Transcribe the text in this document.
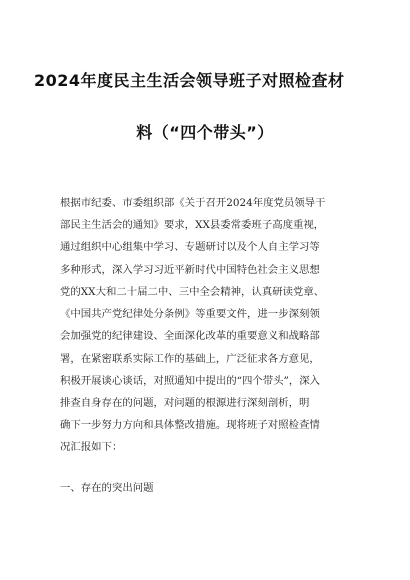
2024年度民主生活会领导班子对照检查材
料（“四个带头”）
根据市纪委、市委组织部《关于召开2024年度党员领导干
部民主生活会的通知》要求，XX县委常委班子高度重视，
通过组织中心组集中学习、专题研讨以及个人自主学习等
多种形式，深入学习习近平新时代中国特色社会主义思想
党的XX大和二十届二中、三中全会精神，认真研读党章、
《中国共产党纪律处分条例》等重要文件，进一步深刻领
会加强党的纪律建设、全面深化改革的重要意义和战略部
署，在紧密联系实际工作的基础上，广泛征求各方意见，
积极开展谈心谈话，对照通知中提出的“四个带头”，深入
排查自身存在的问题，对问题的根源进行深刻剖析，明
确下一步努力方向和具体整改措施。现将班子对照检查情
况汇报如下：
一、存在的突出问题
